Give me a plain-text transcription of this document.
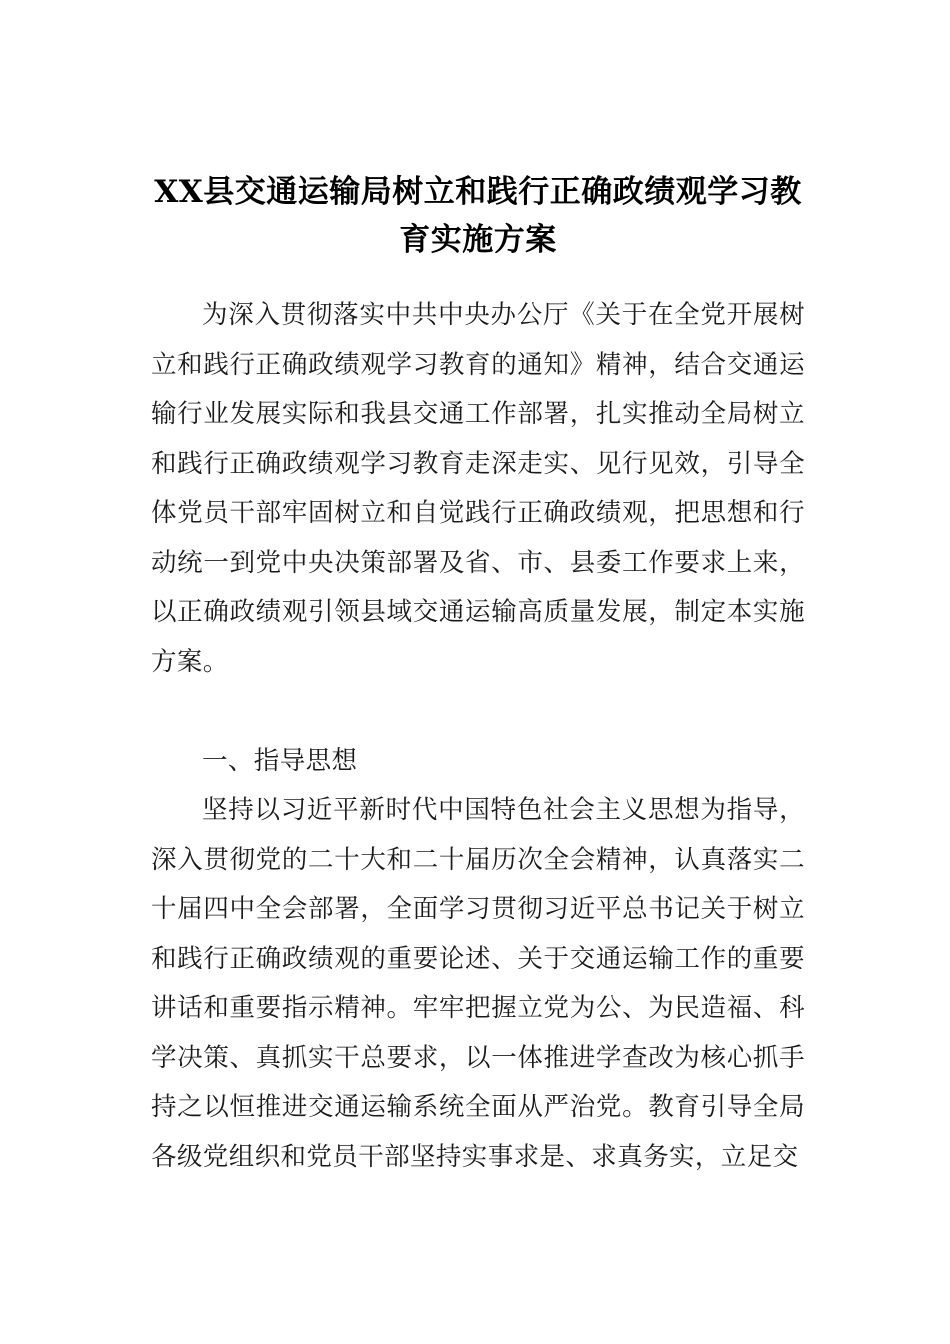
XX县交通运输局树立和践行正确政绩观学习教育实施方案

为深入贯彻落实中共中央办公厅《关于在全党开展树立和践行正确政绩观学习教育的通知》精神，结合交通运输行业发展实际和我县交通工作部署，扎实推动全局树立和践行正确政绩观学习教育走深走实、见行见效，引导全体党员干部牢固树立和自觉践行正确政绩观，把思想和行动统一到党中央决策部署及省、市、县委工作要求上来，以正确政绩观引领县域交通运输高质量发展，制定本实施方案。

一、指导思想

坚持以习近平新时代中国特色社会主义思想为指导，深入贯彻党的二十大和二十届历次全会精神，认真落实二十届四中全会部署，全面学习贯彻习近平总书记关于树立和践行正确政绩观的重要论述、关于交通运输工作的重要讲话和重要指示精神。牢牢把握立党为公、为民造福、科学决策、真抓实干总要求，以一体推进学查改为核心抓手持之以恒推进交通运输系统全面从严治党。教育引导全局各级党组织和党员干部坚持实事求是、求真务实，立足交
